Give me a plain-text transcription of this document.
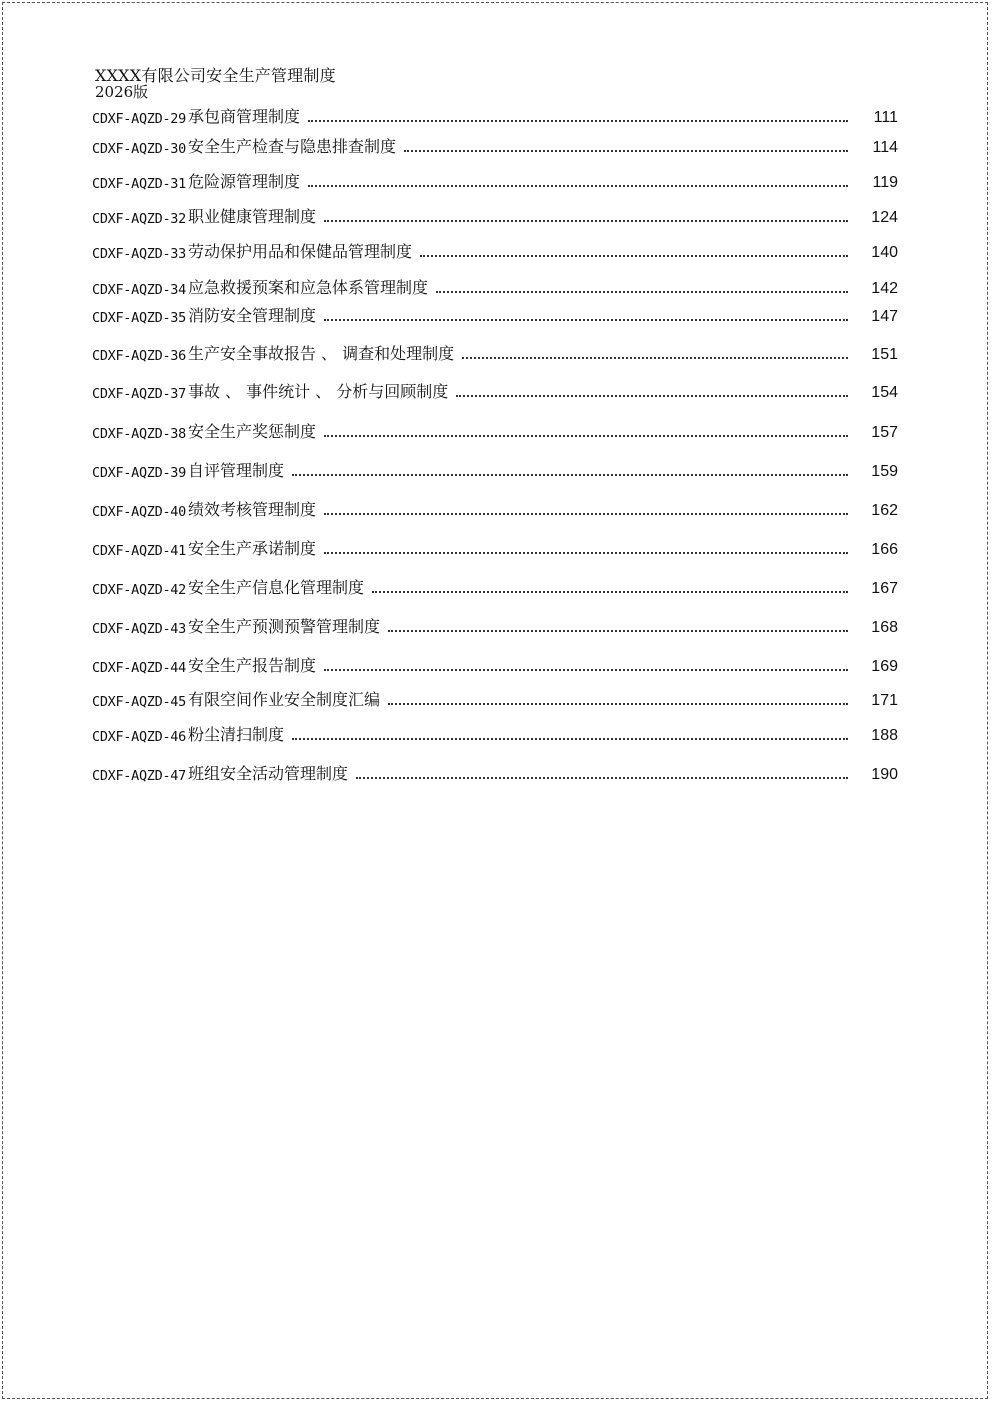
XXXX有限公司安全生产管理制度
2026版
CDXF-AQZD-29 承包商管理制度	111
CDXF-AQZD-30 安全生产检查与隐患排查制度	114
CDXF-AQZD-31 危险源管理制度	119
CDXF-AQZD-32 职业健康管理制度	124
CDXF-AQZD-33 劳动保护用品和保健品管理制度	140
CDXF-AQZD-34 应急救援预案和应急体系管理制度	142
CDXF-AQZD-35 消防安全管理制度	147
CDXF-AQZD-36 生产安全事故报告 、 调查和处理制度	151
CDXF-AQZD-37 事故 、 事件统计 、 分析与回顾制度	154
CDXF-AQZD-38 安全生产奖惩制度	157
CDXF-AQZD-39 自评管理制度	159
CDXF-AQZD-40 绩效考核管理制度	162
CDXF-AQZD-41 安全生产承诺制度	166
CDXF-AQZD-42 安全生产信息化管理制度	167
CDXF-AQZD-43 安全生产预测预警管理制度	168
CDXF-AQZD-44 安全生产报告制度	169
CDXF-AQZD-45 有限空间作业安全制度汇编	171
CDXF-AQZD-46 粉尘清扫制度	188
CDXF-AQZD-47 班组安全活动管理制度	190
